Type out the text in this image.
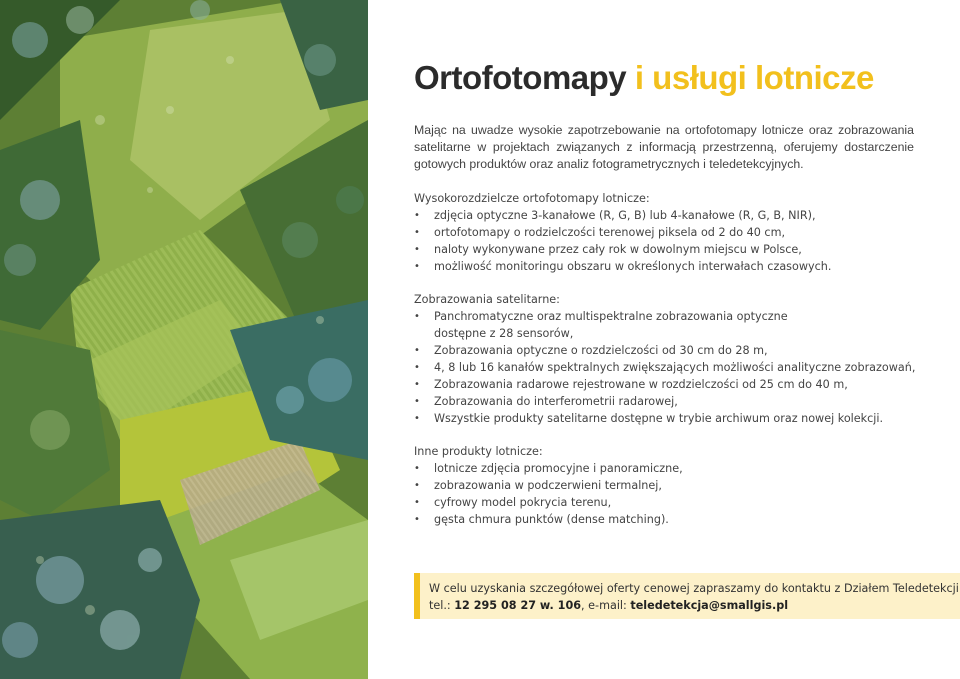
Ortofotomapy i usługi lotnicze

Mając na uwadze wysokie zapotrzebowanie na ortofotomapy lotnicze oraz zobrazowania satelitarne w projektach związanych z informacją przestrzenną, oferujemy dostarczenie gotowych produktów oraz analiz fotogrametrycznych i teledetekcyjnych.

Wysokorozdzielcze ortofotomapy lotnicze:

• zdjęcia optyczne 3-kanałowe (R, G, B) lub 4-kanałowe (R, G, B, NIR),
• ortofotomapy o rodzielczości terenowej piksela od 2 do 40 cm,
• naloty wykonywane przez cały rok w dowolnym miejscu w Polsce,
• możliwość monitoringu obszaru w określonych interwałach czasowych.

Zobrazowania satelitarne:

• Panchromatyczne oraz multispektralne zobrazowania optyczne dostępne z 28 sensorów,
• Zobrazowania optyczne o rozdzielczości od 30 cm do 28 m,
• 4, 8 lub 16 kanałów spektralnych zwiększających możliwości analityczne zobrazowań,
• Zobrazowania radarowe rejestrowane w rozdzielczości od 25 cm do 40 m,
• Zobrazowania do interferometrii radarowej,
• Wszystkie produkty satelitarne dostępne w trybie archiwum oraz nowej kolekcji.

Inne produkty lotnicze:

• lotnicze zdjęcia promocyjne i panoramiczne,
• zobrazowania w podczerwieni termalnej,
• cyfrowy model pokrycia terenu,
• gęsta chmura punktów (dense matching).
W celu uzyskania szczegółowej oferty cenowej zapraszamy do kontaktu z Działem Teledetekcji
tel.: 12 295 08 27 w. 106, e-mail: teledetekcja@smallgis.pl
